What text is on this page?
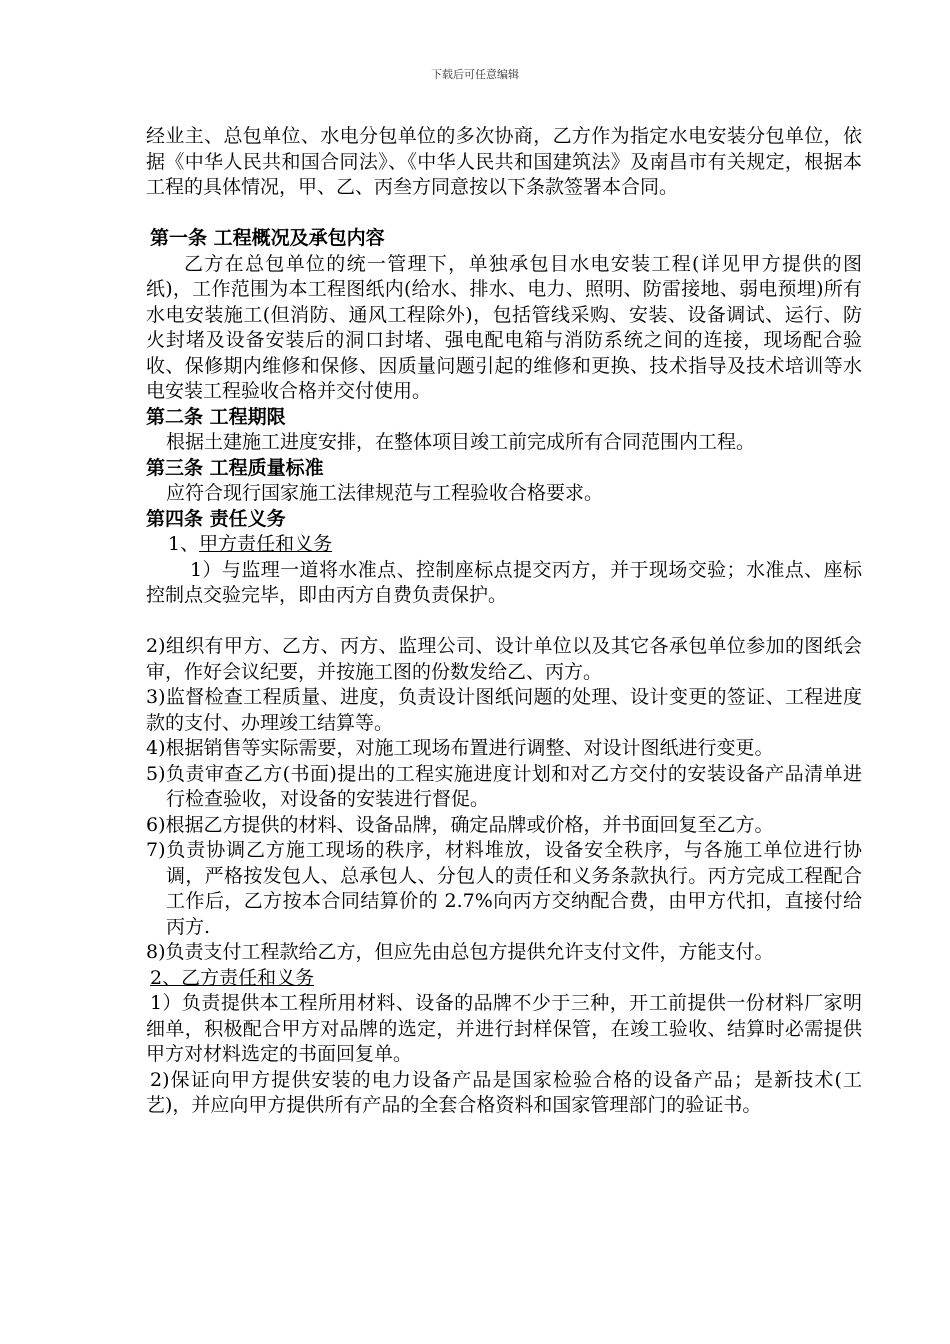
下载后可任意编辑

经业主、总包单位、水电分包单位的多次协商，乙方作为指定水电安装分包单位，依据《中华人民共和国合同法》、《中华人民共和国建筑法》及南昌市有关规定，根据本工程的具体情况，甲、乙、丙叁方同意按以下条款签署本合同。

第一条 工程概况及承包内容

乙方在总包单位的统一管理下，单独承包目水电安装工程(详见甲方提供的图纸)，工作范围为本工程图纸内(给水、排水、电力、照明、防雷接地、弱电预埋)所有水电安装施工(但消防、通风工程除外)，包括管线采购、安装、设备调试、运行、防火封堵及设备安装后的洞口封堵、强电配电箱与消防系统之间的连接，现场配合验收、保修期内维修和保修、因质量问题引起的维修和更换、技术指导及技术培训等水电安装工程验收合格并交付使用。

第二条 工程期限

根据土建施工进度安排，在整体项目竣工前完成所有合同范围内工程。

第三条 工程质量标准

应符合现行国家施工法律规范与工程验收合格要求。

第四条 责任义务

1、甲方责任和义务

1）与监理一道将水准点、控制座标点提交丙方，并于现场交验；水准点、座标控制点交验完毕，即由丙方自费负责保护。

2)组织有甲方、乙方、丙方、监理公司、设计单位以及其它各承包单位参加的图纸会审，作好会议纪要，并按施工图的份数发给乙、丙方。

3)监督检查工程质量、进度，负责设计图纸问题的处理、设计变更的签证、工程进度款的支付、办理竣工结算等。

4)根据销售等实际需要，对施工现场布置进行调整、对设计图纸进行变更。

5)负责审查乙方(书面)提出的工程实施进度计划和对乙方交付的安装设备产品清单进行检查验收，对设备的安装进行督促。

6)根据乙方提供的材料、设备品牌，确定品牌或价格，并书面回复至乙方。

7)负责协调乙方施工现场的秩序，材料堆放，设备安全秩序，与各施工单位进行协调，严格按发包人、总承包人、分包人的责任和义务条款执行。丙方完成工程配合工作后，乙方按本合同结算价的 2.7%向丙方交纳配合费，由甲方代扣，直接付给丙方.

8)负责支付工程款给乙方，但应先由总包方提供允许支付文件，方能支付。

2、乙方责任和义务

1）负责提供本工程所用材料、设备的品牌不少于三种，开工前提供一份材料厂家明细单，积极配合甲方对品牌的选定，并进行封样保管，在竣工验收、结算时必需提供甲方对材料选定的书面回复单。

2)保证向甲方提供安装的电力设备产品是国家检验合格的设备产品；是新技术(工艺)，并应向甲方提供所有产品的全套合格资料和国家管理部门的验证书。
